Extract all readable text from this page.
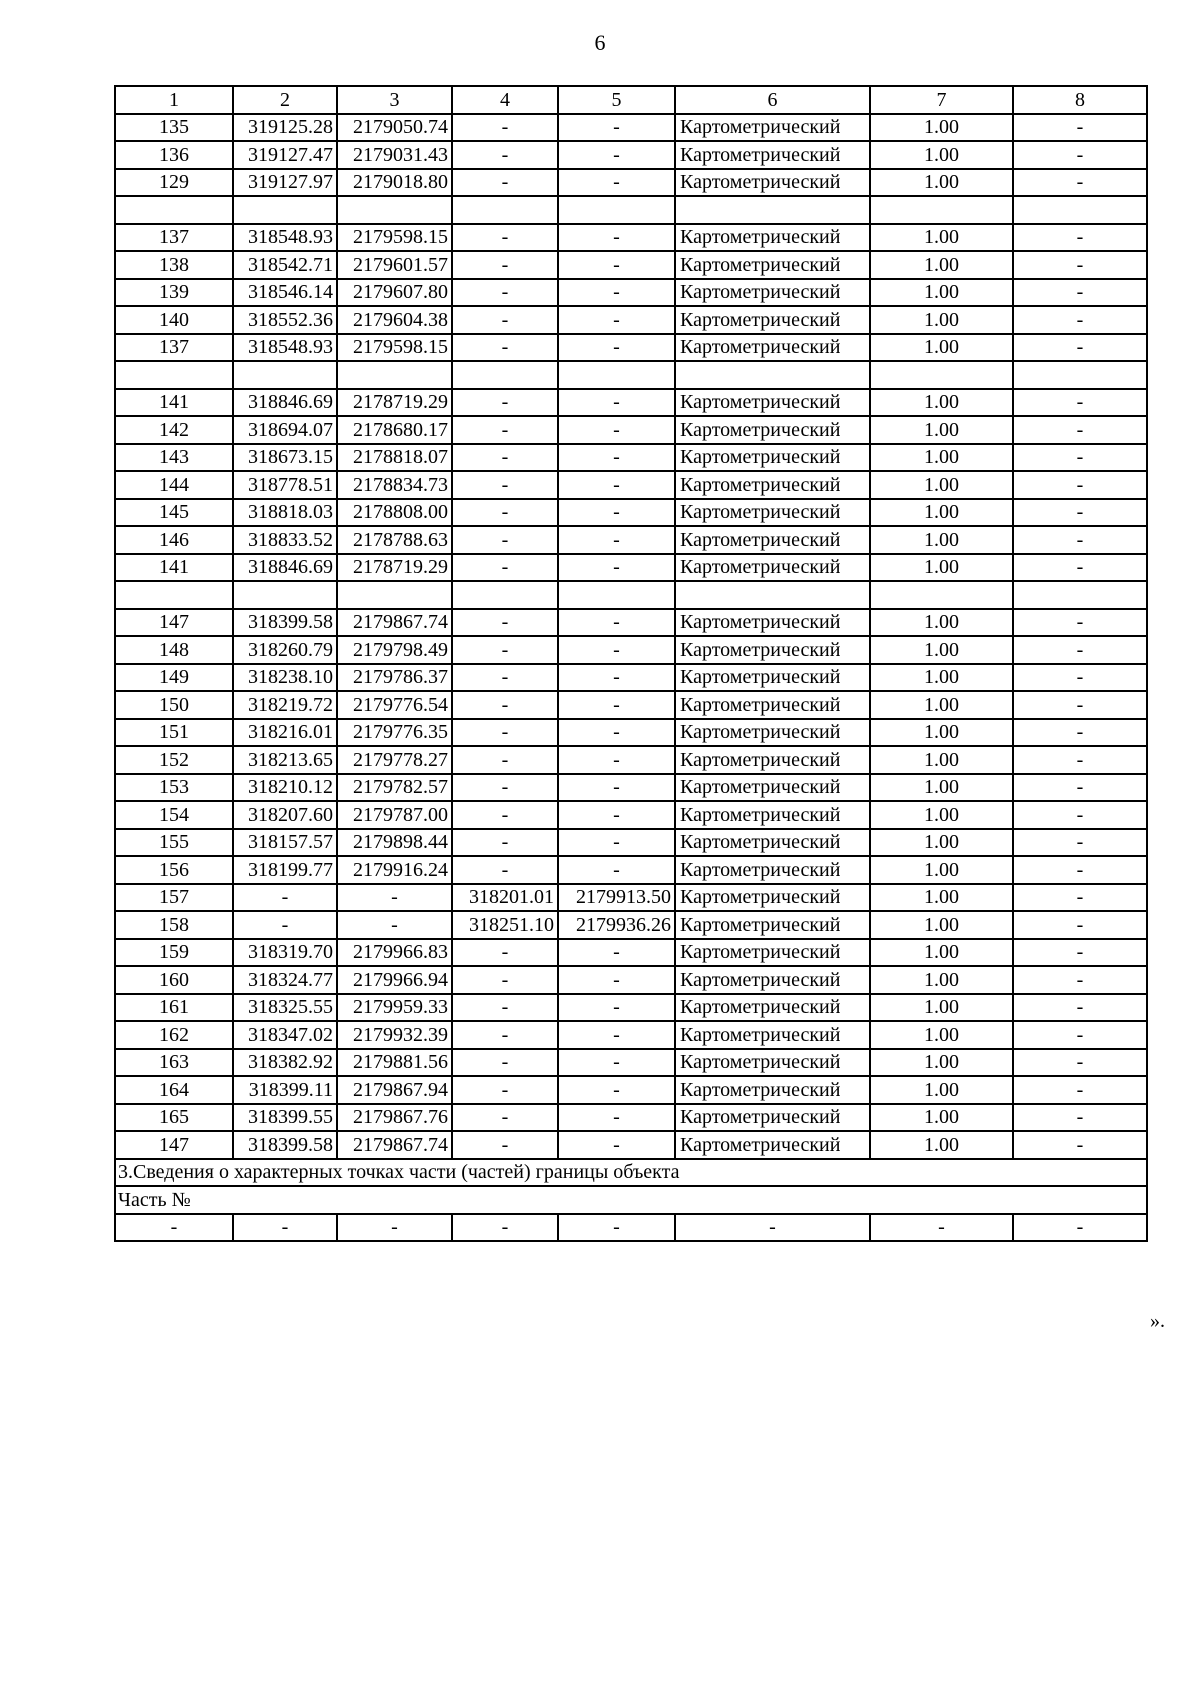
6
1	2	3	4	5	6	7	8
135	319125.28	2179050.74	-	-	Картометрический	1.00	-
136	319127.47	2179031.43	-	-	Картометрический	1.00	-
129	319127.97	2179018.80	-	-	Картометрический	1.00	-

137	318548.93	2179598.15	-	-	Картометрический	1.00	-
138	318542.71	2179601.57	-	-	Картометрический	1.00	-
139	318546.14	2179607.80	-	-	Картометрический	1.00	-
140	318552.36	2179604.38	-	-	Картометрический	1.00	-
137	318548.93	2179598.15	-	-	Картометрический	1.00	-

141	318846.69	2178719.29	-	-	Картометрический	1.00	-
142	318694.07	2178680.17	-	-	Картометрический	1.00	-
143	318673.15	2178818.07	-	-	Картометрический	1.00	-
144	318778.51	2178834.73	-	-	Картометрический	1.00	-
145	318818.03	2178808.00	-	-	Картометрический	1.00	-
146	318833.52	2178788.63	-	-	Картометрический	1.00	-
141	318846.69	2178719.29	-	-	Картометрический	1.00	-

147	318399.58	2179867.74	-	-	Картометрический	1.00	-
148	318260.79	2179798.49	-	-	Картометрический	1.00	-
149	318238.10	2179786.37	-	-	Картометрический	1.00	-
150	318219.72	2179776.54	-	-	Картометрический	1.00	-
151	318216.01	2179776.35	-	-	Картометрический	1.00	-
152	318213.65	2179778.27	-	-	Картометрический	1.00	-
153	318210.12	2179782.57	-	-	Картометрический	1.00	-
154	318207.60	2179787.00	-	-	Картометрический	1.00	-
155	318157.57	2179898.44	-	-	Картометрический	1.00	-
156	318199.77	2179916.24	-	-	Картометрический	1.00	-
157	-	-	318201.01	2179913.50	Картометрический	1.00	-
158	-	-	318251.10	2179936.26	Картометрический	1.00	-
159	318319.70	2179966.83	-	-	Картометрический	1.00	-
160	318324.77	2179966.94	-	-	Картометрический	1.00	-
161	318325.55	2179959.33	-	-	Картометрический	1.00	-
162	318347.02	2179932.39	-	-	Картометрический	1.00	-
163	318382.92	2179881.56	-	-	Картометрический	1.00	-
164	318399.11	2179867.94	-	-	Картометрический	1.00	-
165	318399.55	2179867.76	-	-	Картометрический	1.00	-
147	318399.58	2179867.74	-	-	Картометрический	1.00	-
3.Сведения о характерных точках части (частей) границы объекта							
Часть №							
-	-	-	-	-	-	-	-
».
